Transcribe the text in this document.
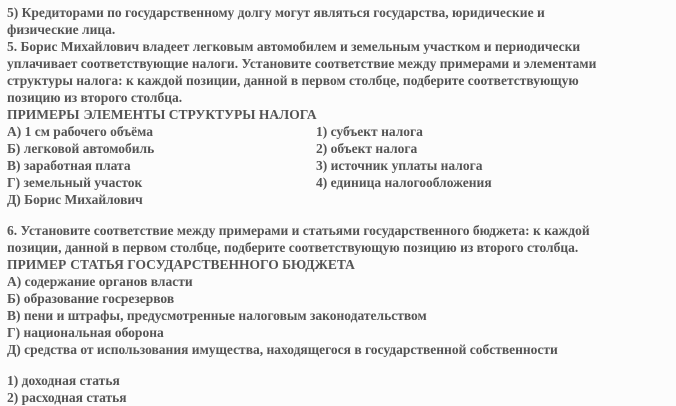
5) Кредиторами по государственному долгу могут являться государства, юридические и
физические лица.
5. Борис Михайлович владеет легковым автомобилем и земельным участком и периодически
уплачивает соответствующие налоги. Установите соответствие между примерами и элементами
структуры налога: к каждой позиции, данной в первом столбце, подберите соответствующую
позицию из второго столбца.
ПРИМЕРЫ ЭЛЕМЕНТЫ СТРУКТУРЫ НАЛОГА
А) 1 см рабочего объёма	1) субъект налога
Б) легковой автомобиль	2) объект налога
В) заработная плата	3) источник уплаты налога
Г) земельный участок	4) единица налогообложения
Д) Борис Михайлович
6. Установите соответствие между примерами и статьями государственного бюджета: к каждой
позиции, данной в первом столбце, подберите соответствующую позицию из второго столбца.
ПРИМЕР СТАТЬЯ ГОСУДАРСТВЕННОГО БЮДЖЕТА
А) содержание органов власти
Б) образование госрезервов
В) пени и штрафы, предусмотренные налоговым законодательством
Г) национальная оборона
Д) средства от использования имущества, находящегося в государственной собственности
1) доходная статья
2) расходная статья
